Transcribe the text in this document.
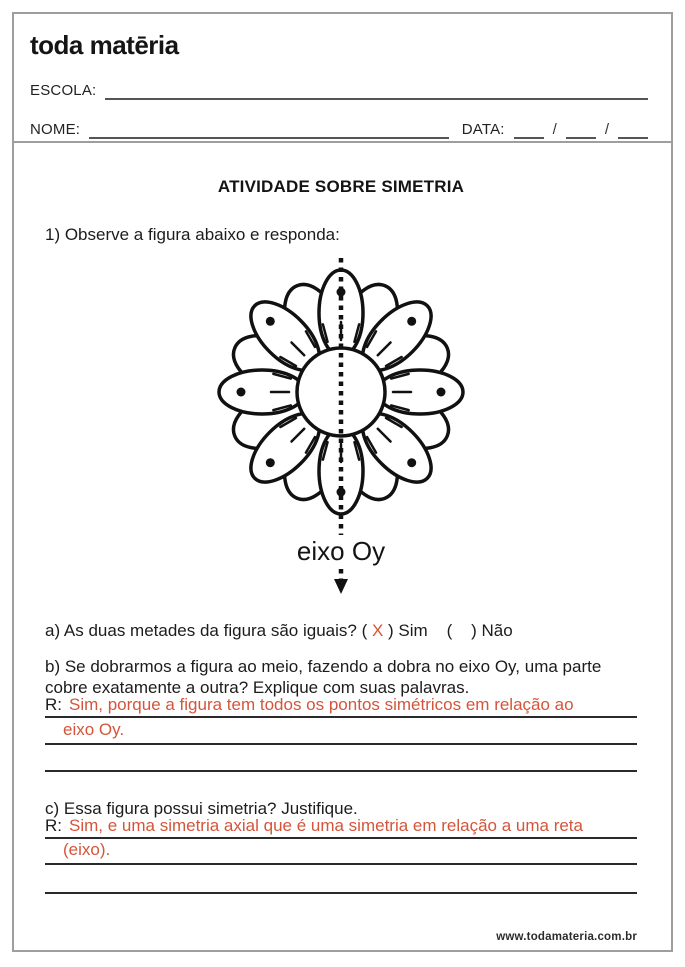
toda matēria
ESCOLA:
NOME:	DATA:	/	/
ATIVIDADE SOBRE SIMETRIA
1) Observe a figura abaixo e responda:
eixo Oy
a) As duas metades da figura são iguais? ( X ) Sim    (    ) Não
b) Se dobrarmos a figura ao meio, fazendo a dobra no eixo Oy, uma parte
cobre exatamente a outra? Explique com suas palavras.
R: Sim, porque a figura tem todos os pontos simétricos em relação ao
eixo Oy.
c) Essa figura possui simetria? Justifique.
R: Sim, e uma simetria axial que é uma simetria em relação a uma reta
(eixo).
www.todamateria.com.br
